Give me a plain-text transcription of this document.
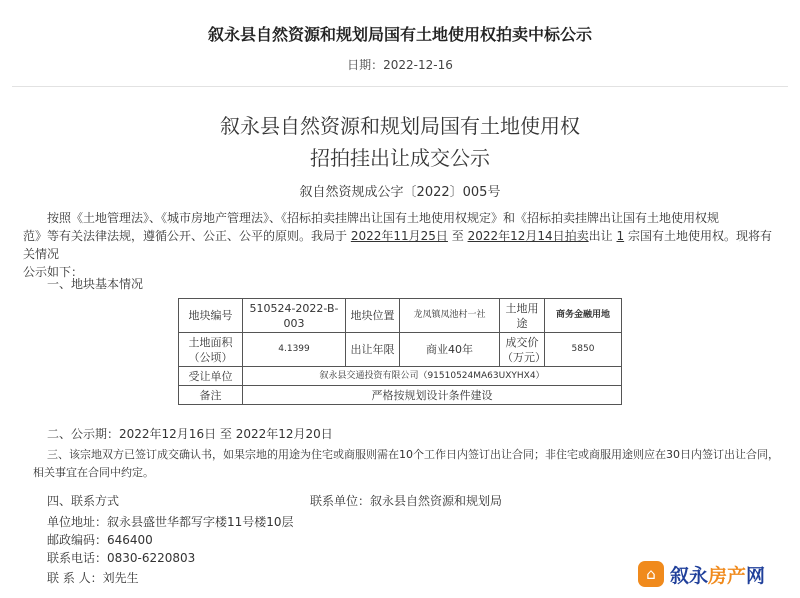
叙永县自然资源和规划局国有土地使用权拍卖中标公示
日期：2022-12-16
叙永县自然资源和规划局国有土地使用权
招拍挂出让成交公示
叙自然资规成公字〔2022〕005号
按照《土地管理法》、《城市房地产管理法》、《招标拍卖挂牌出让国有土地使用权规定》和《招标拍卖挂牌出让国有土地使用权规
范》等有关法律法规，遵循公开、公正、公平的原则。我局于 2022年11月25日 至 2022年12月14日拍卖出让 1 宗国有土地使用权。现将有关情况
公示如下：
一、地块基本情况
地块编号	510524-2022-B-003	地块位置	龙凤镇凤池村一社	土地用途	商务金融用地
土地面积（公顷）	4.1399	出让年限	商业40年	成交价（万元）	5850
受让单位	叙永县交通投资有限公司（91510524MA63UXYHX4）				
备注	严格按规划设计条件建设				
二、公示期：2022年12月16日 至 2022年12月20日
三、该宗地双方已签订成交确认书，如果宗地的用途为住宅或商服则需在10个工作日内签订出让合同；非住宅或商服用途则应在30日内签订出让合同，
相关事宜在合同中约定。
四、联系方式	联系单位：叙永县自然资源和规划局
单位地址：叙永县盛世华都写字楼11号楼10层
邮政编码：646400
联系电话：0830-6220803
联 系 人：刘先生	⌂ 叙永房产网
